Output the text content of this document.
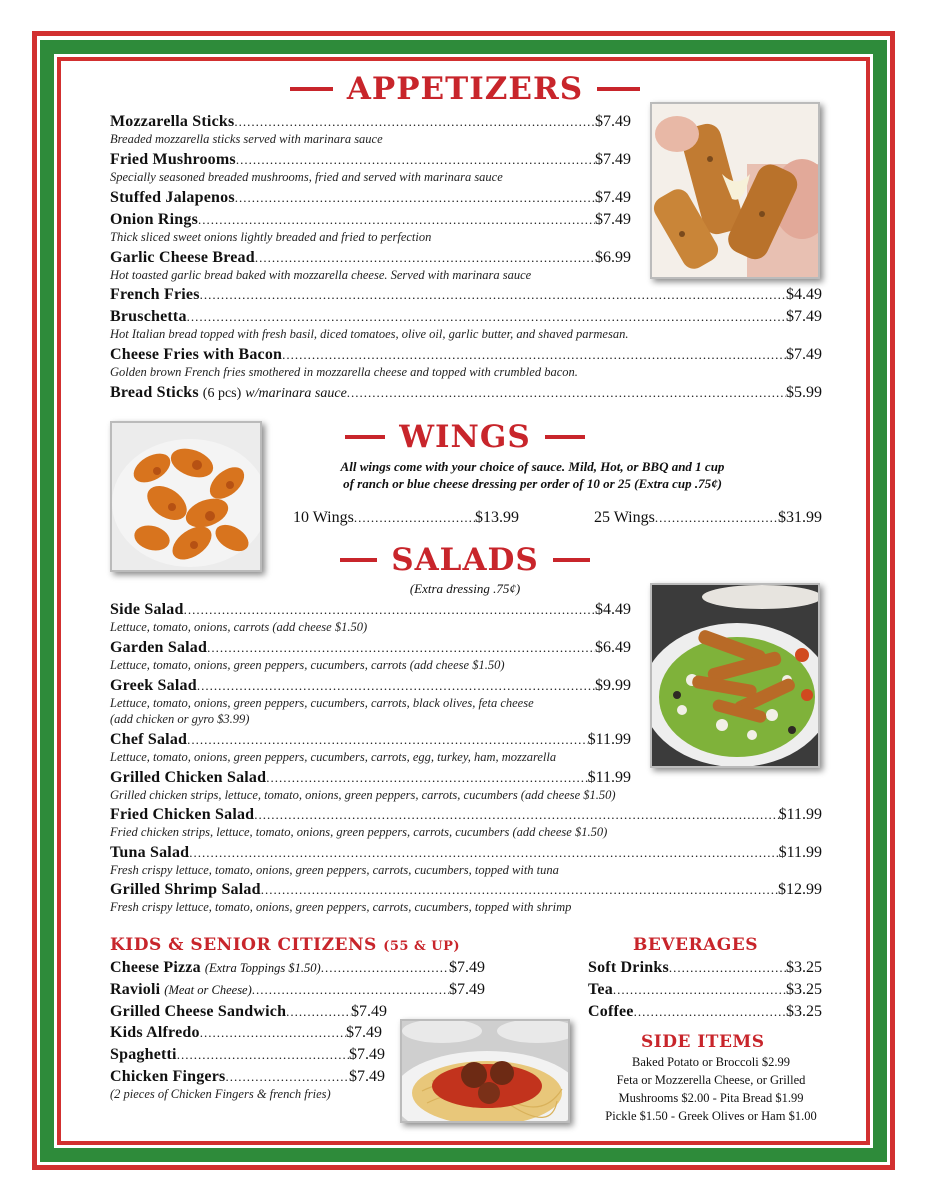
APPETIZERS
Mozzarella Sticks .....	$7.49
Breaded mozzarella sticks served with marinara sauce
Fried Mushrooms .....	$7.49
Specially seasoned breaded mushrooms, fried and served with marinara sauce
Stuffed Jalapenos .....	$7.49
Onion Rings .....	$7.49
Thick sliced sweet onions lightly breaded and fried to perfection
Garlic Cheese Bread .....	$6.99
Hot toasted garlic bread baked with mozzarella cheese. Served with marinara sauce
French Fries .....	$4.49
Bruschetta .....	$7.49
Hot Italian bread topped with fresh basil, diced tomatoes, olive oil, garlic butter, and shaved parmesan.
Cheese Fries with Bacon .....	$7.49
Golden brown French fries smothered in mozzarella cheese and topped with crumbled bacon.
Bread Sticks
(6 pcs)
w/marinara sauce .....	$5.99
WINGS
All wings come with your choice of sauce. Mild, Hot, or BBQ and 1 cup
of ranch or blue cheese dressing per order of 10 or 25 (Extra cup .75¢)
10 Wings .....	$13.99	25 Wings .....	$31.99
SALADS
(Extra dressing .75¢)
Side Salad .....	$4.49
Lettuce, tomato, onions, carrots (add cheese $1.50)
Garden Salad .....	$6.49
Lettuce, tomato, onions, green peppers, cucumbers, carrots (add cheese $1.50)
Greek Salad .....	$9.99
Lettuce, tomato, onions, green peppers, cucumbers, carrots, black olives, feta cheese
(add chicken or gyro $3.99)
Chef Salad .....	$11.99
Lettuce, tomato, onions, green peppers, cucumbers, carrots, egg, turkey, ham, mozzarella
Grilled Chicken Salad .....	$11.99
Grilled chicken strips, lettuce, tomato, onions, green peppers, carrots, cucumbers (add cheese $1.50)
Fried Chicken Salad .....	$11.99
Fried chicken strips, lettuce, tomato, onions, green peppers, carrots, cucumbers (add cheese $1.50)
Tuna Salad .....	$11.99
Fresh crispy lettuce, tomato, onions, green peppers, carrots, cucumbers, topped with tuna
Grilled Shrimp Salad .....	$12.99
Fresh crispy lettuce, tomato, onions, green peppers, carrots, cucumbers, topped with shrimp
KIDS & SENIOR CITIZENS (55 & UP)
Cheese Pizza
(Extra Toppings $1.50) .....	$7.49
Ravioli
(Meat or Cheese) .....	$7.49
Grilled Cheese Sandwich .....	$7.49
Kids Alfredo .....	$7.49
Spaghetti .....	$7.49
Chicken Fingers .....	$7.49
(2 pieces of Chicken Fingers & french fries)
BEVERAGES
Soft Drinks .....	$3.25
Tea .....	$3.25
Coffee .....	$3.25
SIDE ITEMS
Baked Potato or Broccoli $2.99
Feta or Mozzerella Cheese, or Grilled
Mushrooms $2.00 - Pita Bread $1.99
Pickle $1.50 - Greek Olives or Ham $1.00
